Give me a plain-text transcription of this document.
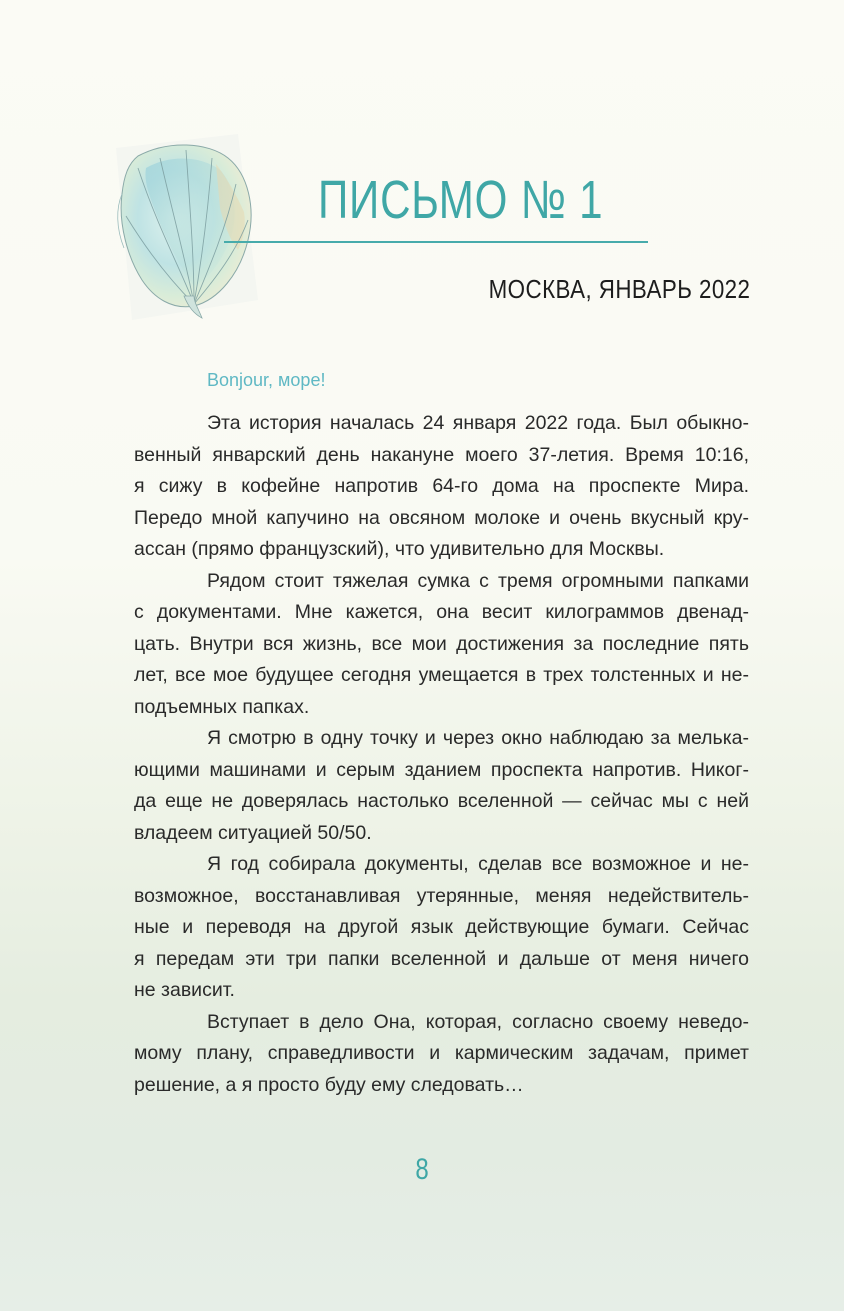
ПИСЬМО № 1
МОСКВА, ЯНВАРЬ 2022
Bonjour, море!
Эта история началась 24 января 2022 года. Был обыкно-
венный январский день накануне моего 37-летия. Время 10:16,
я сижу в кофейне напротив 64-го дома на проспекте Мира.
Передо мной капучино на овсяном молоке и очень вкусный кру-
ассан (прямо французский), что удивительно для Москвы.
Рядом стоит тяжелая сумка с тремя огромными папками
с документами. Мне кажется, она весит килограммов двенад-
цать. Внутри вся жизнь, все мои достижения за последние пять
лет, все мое будущее сегодня умещается в трех толстенных и не-
подъемных папках.
Я смотрю в одну точку и через окно наблюдаю за мелька-
ющими машинами и серым зданием проспекта напротив. Никог-
да еще не доверялась настолько вселенной — сейчас мы с ней
владеем ситуацией 50/50.
Я год собирала документы, сделав все возможное и не-
возможное, восстанавливая утерянные, меняя недействитель-
ные и переводя на другой язык действующие бумаги. Сейчас
я передам эти три папки вселенной и дальше от меня ничего
не зависит.
Вступает в дело Она, которая, согласно своему неведо-
мому плану, справедливости и кармическим задачам, примет
решение, а я просто буду ему следовать…
8
